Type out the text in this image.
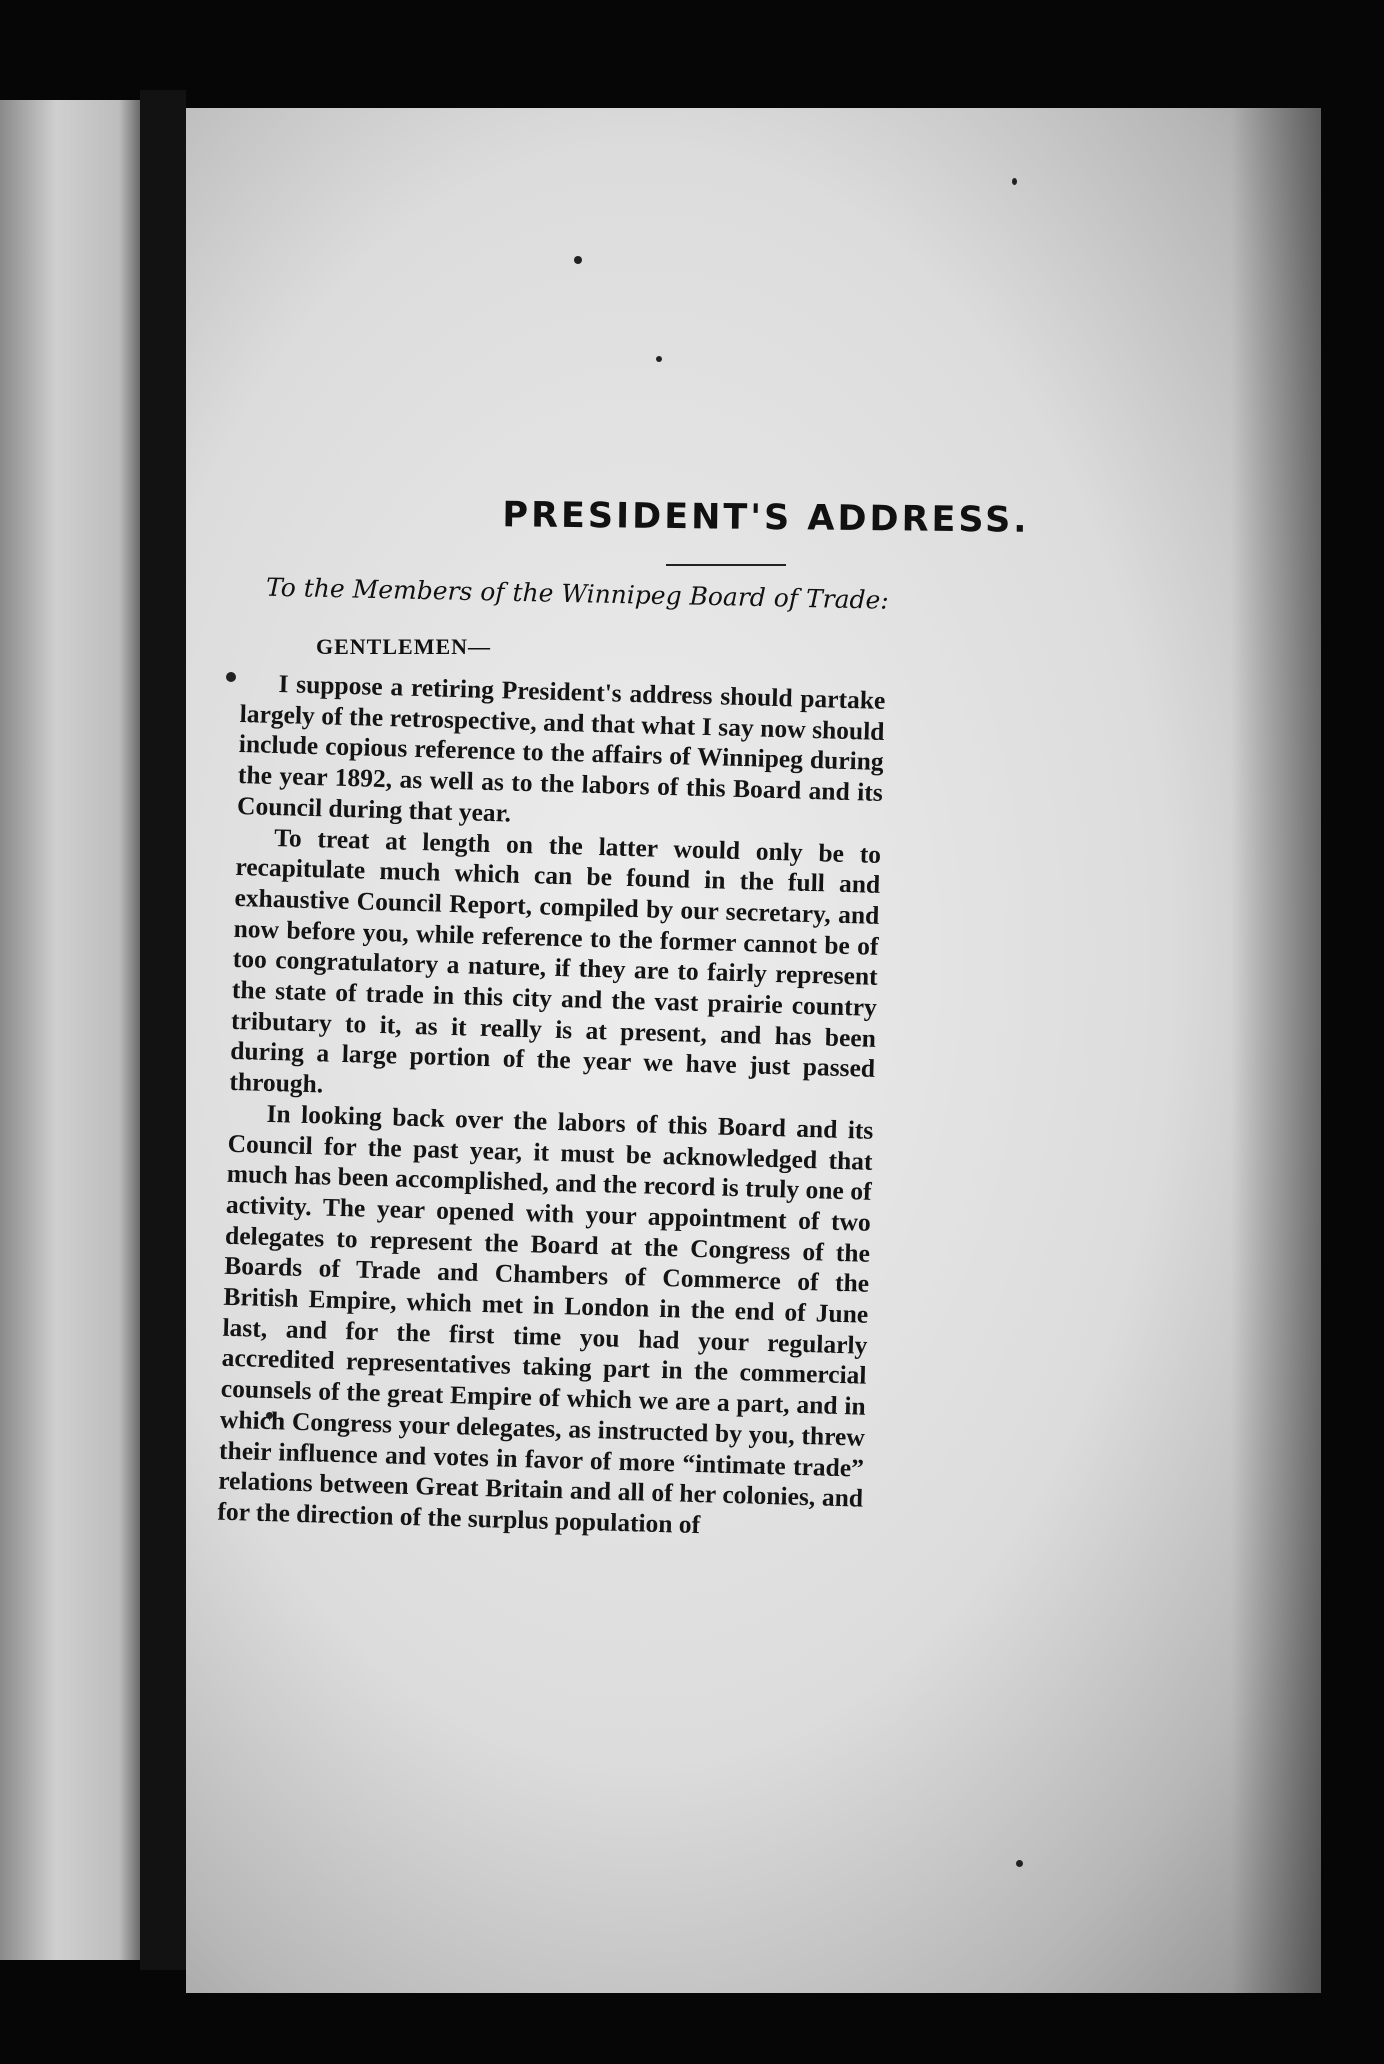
PRESIDENT'S ADDRESS.
To the Members of the Winnipeg Board of Trade:
GENTLEMEN—

I suppose a retiring President's address should partake largely of the retrospective, and that what I say now should include copious reference to the affairs of Winnipeg during the year 1892, as well as to the labors of this Board and its Council during that year.

To treat at length on the latter would only be to recapitulate much which can be found in the full and exhaustive Council Report, compiled by our secretary, and now before you, while reference to the former cannot be of too congratulatory a nature, if they are to fairly represent the state of trade in this city and the vast prairie country tributary to it, as it really is at present, and has been during a large portion of the year we have just passed through.

In looking back over the labors of this Board and its Council for the past year, it must be acknowledged that much has been accomplished, and the record is truly one of activity. The year opened with your appointment of two delegates to represent the Board at the Congress of the Boards of Trade and Chambers of Commerce of the British Empire, which met in London in the end of June last, and for the first time you had your regularly accredited representatives taking part in the commercial counsels of the great Empire of which we are a part, and in which Congress your delegates, as instructed by you, threw their influence and votes in favor of more “intimate trade” relations between Great Britain and all of her colonies, and for the direction of the surplus population of
